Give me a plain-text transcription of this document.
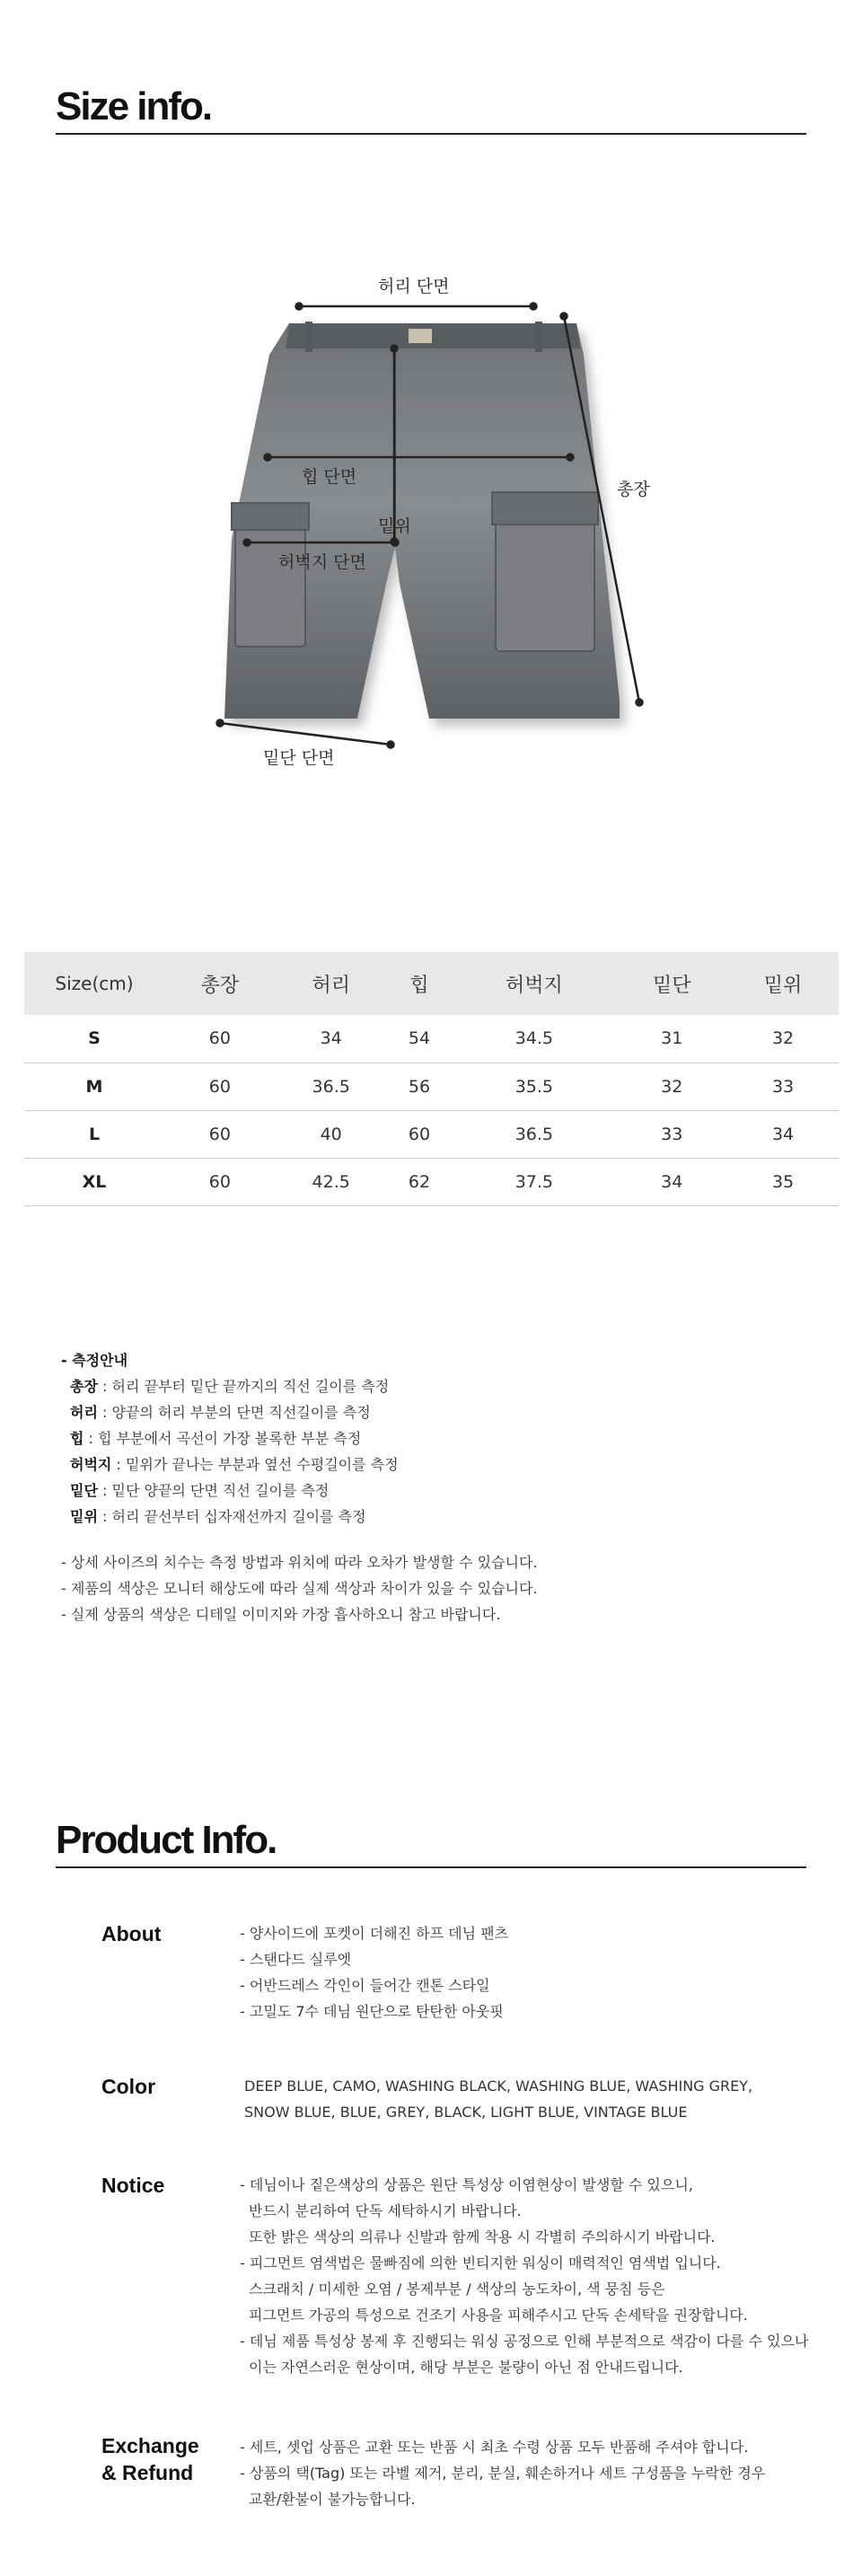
Size info.
허리 단면
총장
힙 단면
밑위
허벅지 단면
밑단 단면
Size(cm)	총장	허리	힙	허벅지	밑단	밑위
S	60	34	54	34.5	31	32
M	60	36.5	56	35.5	32	33
L	60	40	60	36.5	33	34
XL	60	42.5	62	37.5	34	35
- 측정안내
총장 : 허리 끝부터 밑단 끝까지의 직선 길이를 측정
허리 : 양끝의 허리 부분의 단면 직선길이를 측정
힙 : 힙 부분에서 곡선이 가장 볼록한 부분 측정
허벅지 : 밑위가 끝나는 부분과 옆선 수평길이를 측정
밑단 : 밑단 양끝의 단면 직선 길이를 측정
밑위 : 허리 끝선부터 십자재선까지 길이를 측정
- 상세 사이즈의 치수는 측정 방법과 위치에 따라 오차가 발생할 수 있습니다.
- 제품의 색상은 모니터 해상도에 따라 실제 색상과 차이가 있을 수 있습니다.
- 실제 상품의 색상은 디테일 이미지와 가장 흡사하오니 참고 바랍니다.
Product Info.
About	- 양사이드에 포켓이 더해진 하프 데님 팬츠
- 스탠다드 실루엣
- 어반드레스 각인이 들어간 캔톤 스타일
- 고밀도 7수 데님 원단으로 탄탄한 아웃핏
Color	DEEP BLUE, CAMO, WASHING BLACK, WASHING BLUE, WASHING GREY,
SNOW BLUE, BLUE, GREY, BLACK, LIGHT BLUE, VINTAGE BLUE
Notice	- 데님이나 짙은색상의 상품은 원단 특성상 이염현상이 발생할 수 있으니,
반드시 분리하여 단독 세탁하시기 바랍니다.
또한 밝은 색상의 의류나 신발과 함께 착용 시 각별히 주의하시기 바랍니다.
- 피그먼트 염색법은 물빠짐에 의한 빈티지한 워싱이 매력적인 염색법 입니다.
스크래치 / 미세한 오염 / 봉제부분 / 색상의 농도차이, 색 뭉침 등은
피그먼트 가공의 특성으로 건조기 사용을 피해주시고 단독 손세탁을 권장합니다.
- 데님 제품 특성상 봉제 후 진행되는 워싱 공정으로 인해 부분적으로 색감이 다를 수 있으나
이는 자연스러운 현상이며, 해당 부분은 불량이 아닌 점 안내드립니다.
Exchange
& Refund
- 세트, 셋업 상품은 교환 또는 반품 시 최초 수령 상품 모두 반품해 주셔야 합니다.
- 상품의 택(Tag) 또는 라벨 제거, 분리, 분실, 훼손하거나 세트 구성품을 누락한 경우
교환/환불이 불가능합니다.
